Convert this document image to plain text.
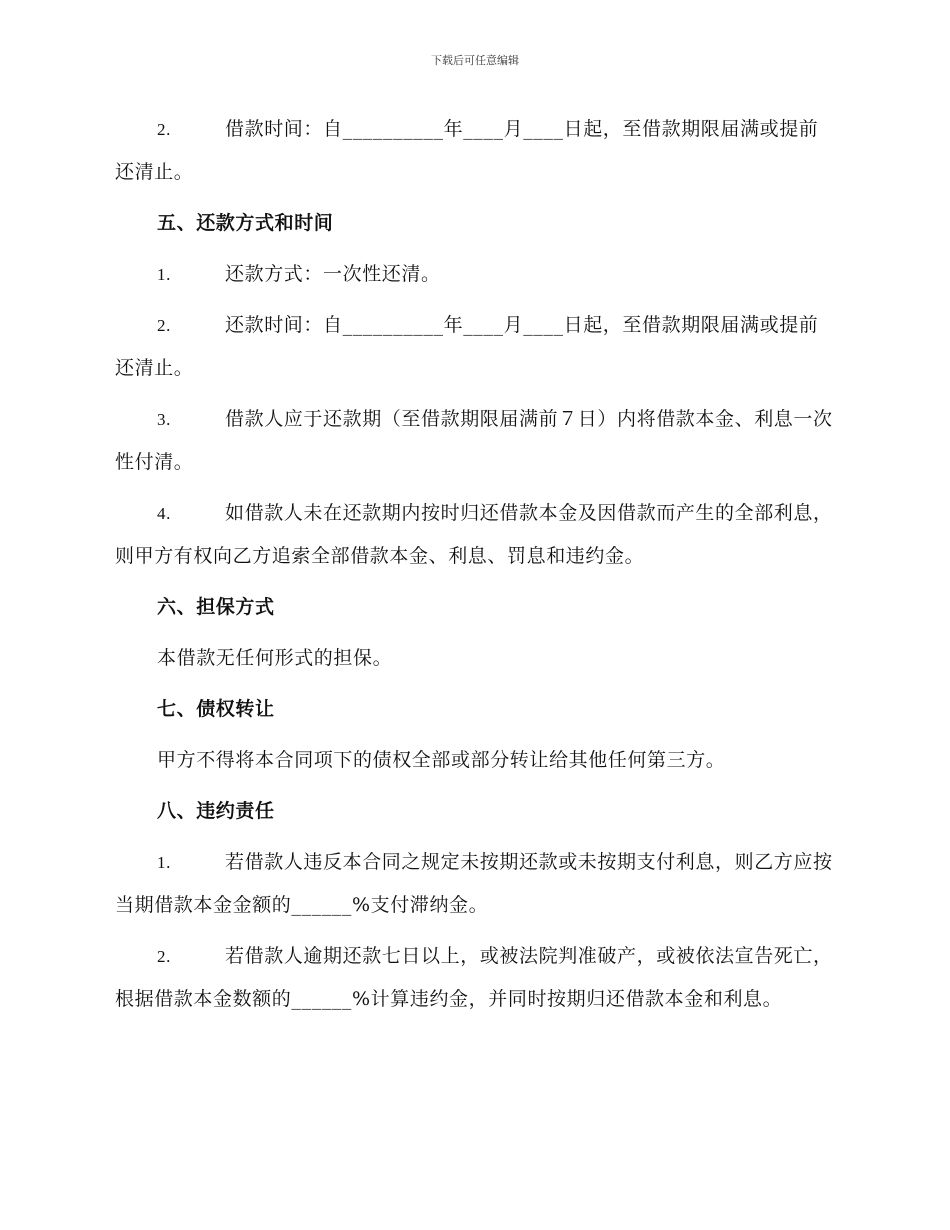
下载后可任意编辑

2.	借款时间：自__________年____月____日起，至借款期限届满或提前还清止。

五、还款方式和时间

1.	还款方式：一次性还清。

2.	还款时间：自__________年____月____日起，至借款期限届满或提前还清止。

3.	借款人应于还款期（至借款期限届满前７日）内将借款本金、利息一次性付清。

4.	如借款人未在还款期内按时归还借款本金及因借款而产生的全部利息，则甲方有权向乙方追索全部借款本金、利息、罚息和违约金。

六、担保方式

本借款无任何形式的担保。

七、债权转让

甲方不得将本合同项下的债权全部或部分转让给其他任何第三方。

八、违约责任

1.	若借款人违反本合同之规定未按期还款或未按期支付利息，则乙方应按当期借款本金金额的______%支付滞纳金。

2.	若借款人逾期还款七日以上，或被法院判准破产，或被依法宣告死亡，根据借款本金数额的______%计算违约金，并同时按期归还借款本金和利息。
